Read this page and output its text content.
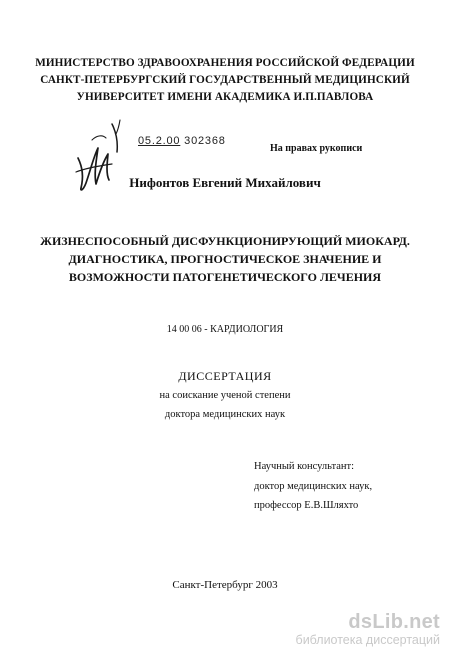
МИНИСТЕРСТВО ЗДРАВООХРАНЕНИЯ РОССИЙСКОЙ ФЕДЕРАЦИИ
САНКТ-ПЕТЕРБУРГСКИЙ ГОСУДАРСТВЕННЫЙ МЕДИЦИНСКИЙ
УНИВЕРСИТЕТ ИМЕНИ АКАДЕМИКА И.П.ПАВЛОВА
05.2.00 302368
На правах рукописи
Нифонтов Евгений Михайлович
ЖИЗНЕСПОСОБНЫЙ ДИСФУНКЦИОНИРУЮЩИЙ МИОКАРД.
ДИАГНОСТИКА, ПРОГНОСТИЧЕСКОЕ ЗНАЧЕНИЕ И
ВОЗМОЖНОСТИ ПАТОГЕНЕТИЧЕСКОГО ЛЕЧЕНИЯ
14 00 06 - КАРДИОЛОГИЯ
ДИССЕРТАЦИЯ
на соискание ученой степени
доктора медицинских наук
Научный консультант:
доктор медицинских наук,
профессор Е.В.Шляхто
Санкт-Петербург 2003
dsLib.net
библиотека диссертаций
